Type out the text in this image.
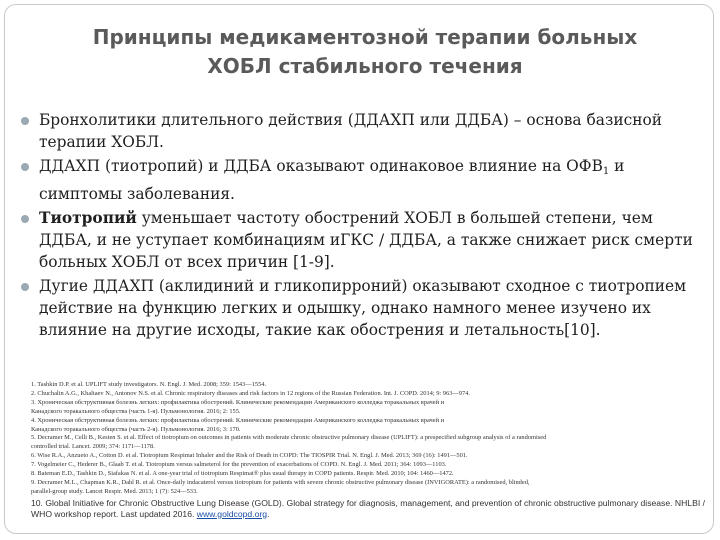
Принципы медикаментозной терапии больных
ХОБЛ стабильного течения
Бронхолитики длительного действия (ДДАХП или ДДБА) – основа базисной терапии ХОБЛ.
ДДАХП (тиотропий) и ДДБА оказывают одинаковое влияние на $ОФВ_1$ и симптомы заболевания.
Тиотропий уменьшает частоту обострений ХОБЛ в большей степени, чем ДДБА, и не уступает комбинациям иГКС / ДДБА, а также снижает риск смерти больных ХОБЛ от всех причин [1-9].
Дугие ДДАХП (аклидиний и гликопирроний) оказывают сходное с тиотропием действие на функцию легких и одышку, однако намного менее изучено их влияние на другие исходы, такие как обострения и летальность[10].
1. Tashkin D.P. et al. UPLIFT study investigators. N. Engl. J. Med. 2008; 359: 1543—1554.
2. Chuchalin A.G., Khaltaev N., Antonov N.S. et al. Chronic respiratory diseases and risk factors in 12 regions of the Russian Federation. Int. J. COPD. 2014; 9: 963—974.
3. Хроническая обструктивная болезнь легких: профилактика обострений. Клинические рекомендации Американского колледжа торакальных врачей и
Канадского торакального общества (часть 1-я). Пульмонология. 2016; 2: 155.
4. Хроническая обструктивная болезнь легких: профилактика обострений. Клинические рекомендации Американского колледжа торакальных врачей и
Канадского торакального общества (часть 2-я). Пульмонология. 2016; 3: 170.
5. Decramer M., Celli B., Kesten S. et al. Effect of tiotropium on outcomes in patients with moderate chronic obstructive pulmonary disease (UPLIFT): a prespecified subgroup analysis of a randomised
controlled trial. Lancet. 2009; 374: 1171—1178.
6. Wise R.A., Anzueto A., Cotton D. et al. Tiotropium Respimat Inhaler and the Risk of Death in COPD: The TIOSPIR Trial. N. Engl. J. Med. 2013; 369 (16): 1491—501.
7. Vogelmeier C., Hederer B., Glaab T. et al. Tiotropium versus salmeterol for the prevention of exacerbations of COPD. N. Engl. J. Med. 2011; 364: 1093—1103.
8. Bateman E.D., Tashkin D., Siafakas N. et al. A one-year trial of tiotropium Respimat® plus usual therapy in COPD patients. Respir. Med. 2010; 104: 1460—1472.
9. Decramer M.L., Chapman K.R., Dahl R. et al. Once-daily indacaterol versus tiotropium for patients with severe chronic obstructive pulmonary disease (INVIGORATE): a randomised, blinded,
parallel-group study. Lancet Respir. Med. 2013; 1 (7): 524—533.
10. Global Initiative for Chronic Obstructive Lung Disease (GOLD). Global strategy for diagnosis, management, and prevention of chronic obstructive pulmonary disease. NHLBI / WHO workshop report. Last updated 2016. www.goldcopd.org.
